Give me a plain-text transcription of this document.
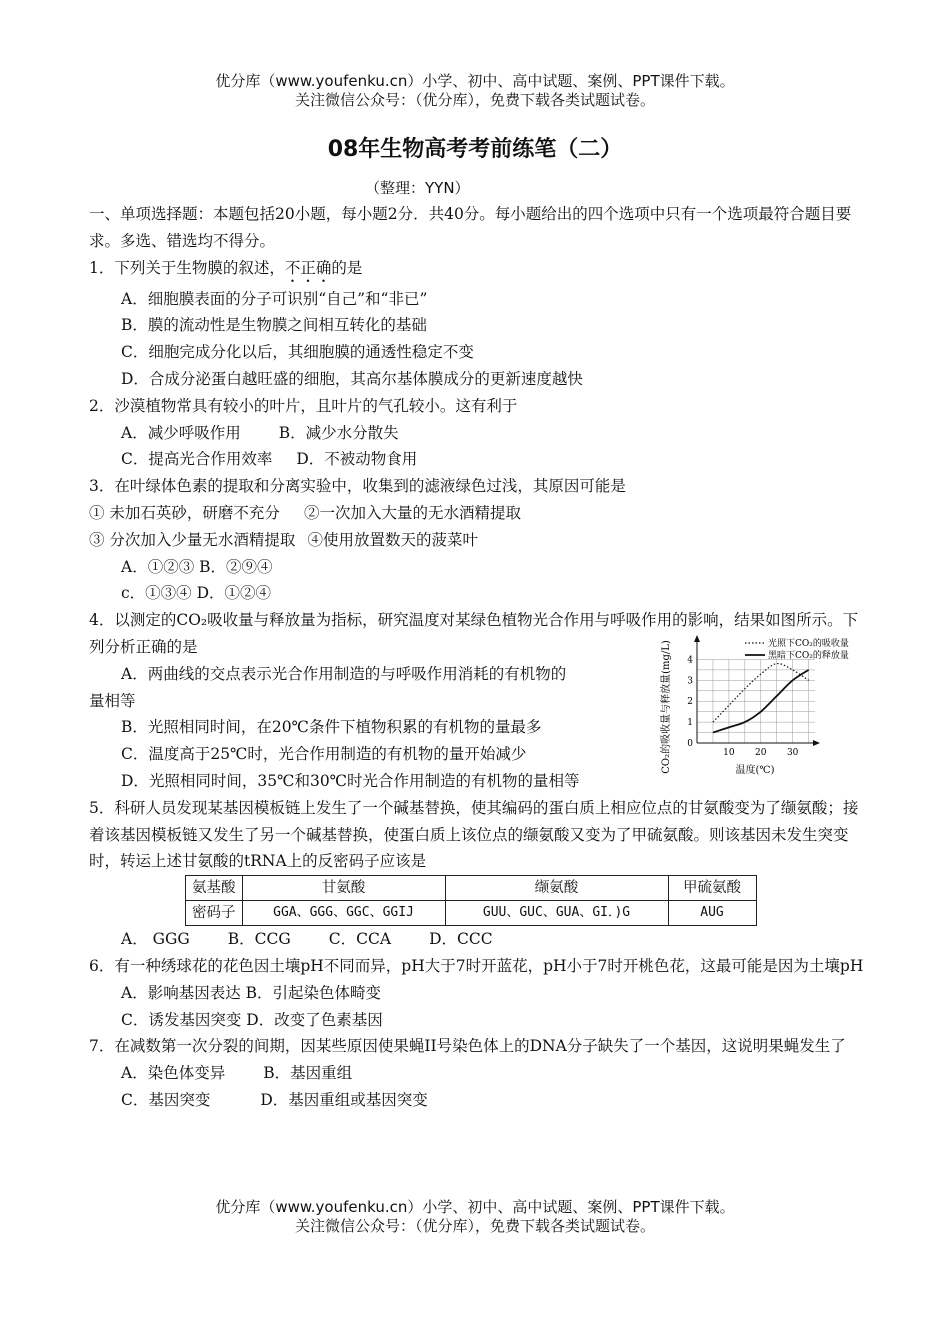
优分库（www.youfenku.cn）小学、初中、高中试题、案例、PPT课件下载。
关注微信公众号：（优分库），免费下载各类试题试卷。
08年生物高考考前练笔（二）
（整理：YYN）

一、单项选择题：本题包括20小题，每小题2分．共40分。每小题给出的四个选项中只有一个选项最符合题目要求。多选、错选均不得分。

1．下列关于生物膜的叙述，不正确的是

A．细胞膜表面的分子可识别“自己”和“非已”

B．膜的流动性是生物膜之间相互转化的基础

C．细胞完成分化以后，其细胞膜的通透性稳定不变

D．合成分泌蛋白越旺盛的细胞，其高尔基体膜成分的更新速度越快

2．沙漠植物常具有较小的叶片，且叶片的气孔较小。这有利于

A．减少呼吸作用 B．减少水分散失

C．提高光合作用效率 D．不被动物食用

3．在叶绿体色素的提取和分离实验中，收集到的滤液绿色过浅，其原因可能是

① 未加石英砂，研磨不充分 ②一次加入大量的无水酒精提取

③ 分次加入少量无水酒精提取 ④使用放置数天的菠菜叶

A．①②③ B．②⑨④

c．①③④ D．①②④

4．以测定的CO₂吸收量与释放量为指标，研究温度对某绿色植物光合作用与呼吸作用的影响，结果如图所示。下列分析正确的是

A．两曲线的交点表示光合作用制造的与呼吸作用消耗的有机物的

量相等

B．光照相同时间，在20℃条件下植物积累的有机物的量最多

C．温度高于25℃时，光合作用制造的有机物的量开始减少

D．光照相同时间，35℃和30℃时光合作用制造的有机物的量相等

CO₂的吸收量与释放量(mg/L) 0
1
2
3
4
10 20 30
光照下CO₂的吸收量
黑暗下CO₂的释放量
温度(℃)

5．科研人员发现某基因模板链上发生了一个碱基替换，使其编码的蛋白质上相应位点的甘氨酸变为了缬氨酸；接着该基因模板链又发生了另一个碱基替换，使蛋白质上该位点的缬氨酸又变为了甲硫氨酸。则该基因未发生突变时，转运上述甘氨酸的tRNA上的反密码子应该是

氨基酸	甘氨酸	缬氨酸	甲硫氨酸
密码子	GGA、GGG、GGC、GGIJ	GUU、GUC、GUA、GI．)G	AUG

A． GGG B．CCG C．CCA D．CCC

6．有一种绣球花的花色因土壤pH不同而异，pH大于7时开蓝花，pH小于7时开桃色花，这最可能是因为土壤pH

A．影响基因表达 B．引起染色体畸变

C．诱发基因突变 D．改变了色素基因

7．在减数第一次分裂的间期，因某些原因使果蝇II号染色体上的DNA分子缺失了一个基因，这说明果蝇发生了

A．染色体变异 B．基因重组

C．基因突变	D．基因重组或基因突变

优分库（www.youfenku.cn）小学、初中、高中试题、案例、PPT课件下载。
关注微信公众号：（优分库），免费下载各类试题试卷。
